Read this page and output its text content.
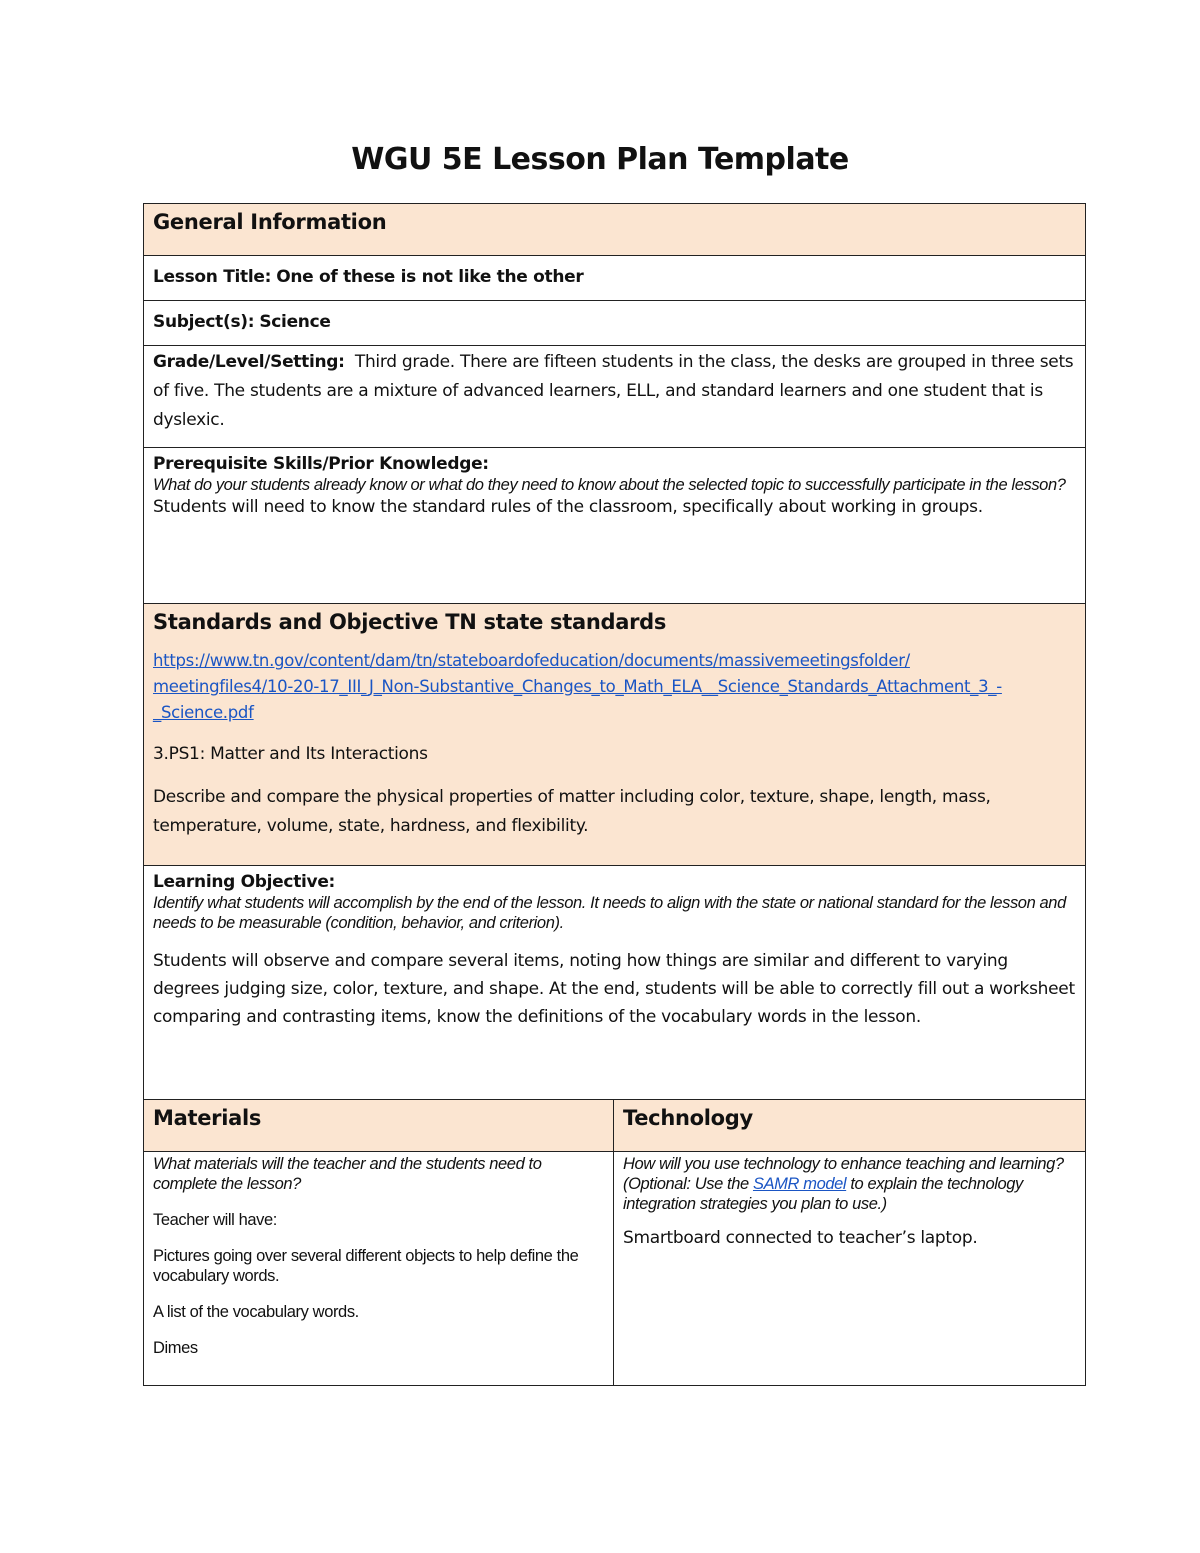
WGU 5E Lesson Plan Template
General Information
Lesson Title: One of these is not like the other
Subject(s): Science
Grade/Level/Setting: Third grade. There are fifteen students in the class, the desks are grouped in three sets of five. The students are a mixture of advanced learners, ELL, and standard learners and one student that is dyslexic.
Prerequisite Skills/Prior Knowledge:
What do your students already know or what do they need to know about the selected topic to successfully participate in the lesson?
Students will need to know the standard rules of the classroom, specifically about working in groups.
Standards and Objective TN state standards
https://www.tn.gov/content/dam/tn/stateboardofeducation/documents/massivemeetingsfolder/
meetingfiles4/10-20-17_III_J_Non-Substantive_Changes_to_Math_ELA__Science_Standards_Attachment_3_-
_Science.pdf
3.PS1: Matter and Its Interactions
Describe and compare the physical properties of matter including color, texture, shape, length, mass, temperature, volume, state, hardness, and flexibility.
Learning Objective:
Identify what students will accomplish by the end of the lesson. It needs to align with the state or national standard for the lesson and needs to be measurable (condition, behavior, and criterion).
Students will observe and compare several items, noting how things are similar and different to varying degrees judging size, color, texture, and shape. At the end, students will be able to correctly fill out a worksheet comparing and contrasting items, know the definitions of the vocabulary words in the lesson.
Materials	Technology
What materials will the teacher and the students need to complete the lesson?
Teacher will have:
Pictures going over several different objects to help define the vocabulary words.
A list of the vocabulary words.
Dimes
How will you use technology to enhance teaching and learning? (Optional: Use the SAMR model to explain the technology integration strategies you plan to use.)
Smartboard connected to teacher’s laptop.
